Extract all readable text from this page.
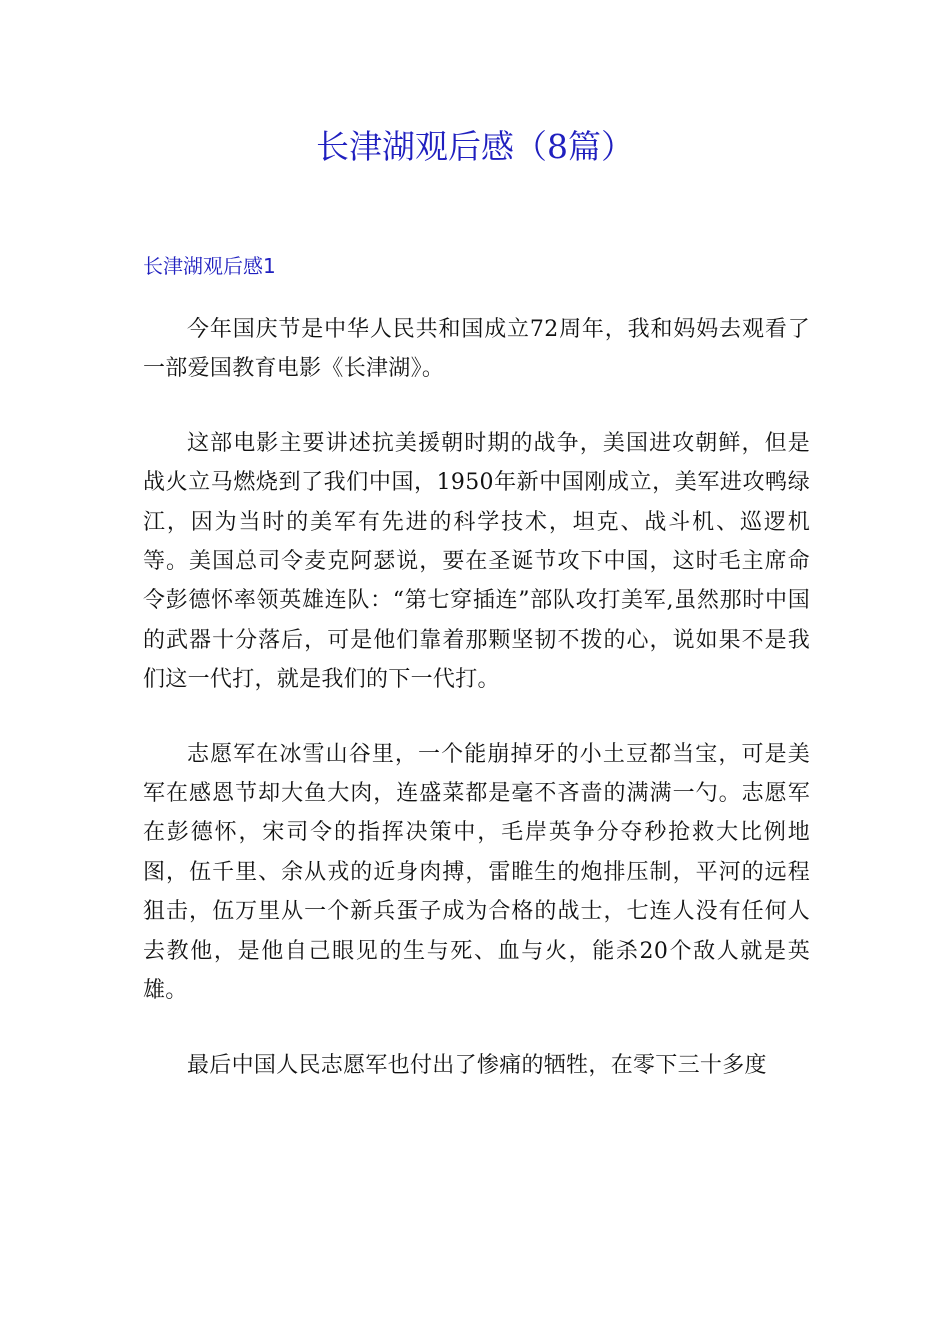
长津湖观后感（8篇）
长津湖观后感1

今年国庆节是中华人民共和国成立72周年，我和妈妈去观看了一部爱国教育电影《长津湖》。

这部电影主要讲述抗美援朝时期的战争，美国进攻朝鲜，但是战火立马燃烧到了我们中国，1950年新中国刚成立，美军进攻鸭绿江，因为当时的美军有先进的科学技术，坦克、战斗机、巡逻机等。美国总司令麦克阿瑟说，要在圣诞节攻下中国，这时毛主席命令彭德怀率领英雄连队：“第七穿插连”部队攻打美军,虽然那时中国的武器十分落后，可是他们靠着那颗坚韧不拨的心，说如果不是我们这一代打，就是我们的下一代打。

志愿军在冰雪山谷里，一个能崩掉牙的小土豆都当宝，可是美军在感恩节却大鱼大肉，连盛菜都是毫不吝啬的满满一勺。志愿军在彭德怀，宋司令的指挥决策中，毛岸英争分夺秒抢救大比例地图，伍千里、余从戎的近身肉搏，雷睢生的炮排压制，平河的远程狙击，伍万里从一个新兵蛋子成为合格的战士，七连人没有任何人去教他，是他自己眼见的生与死、血与火，能杀20个敌人就是英雄。

最后中国人民志愿军也付出了惨痛的牺牲，在零下三十多度
